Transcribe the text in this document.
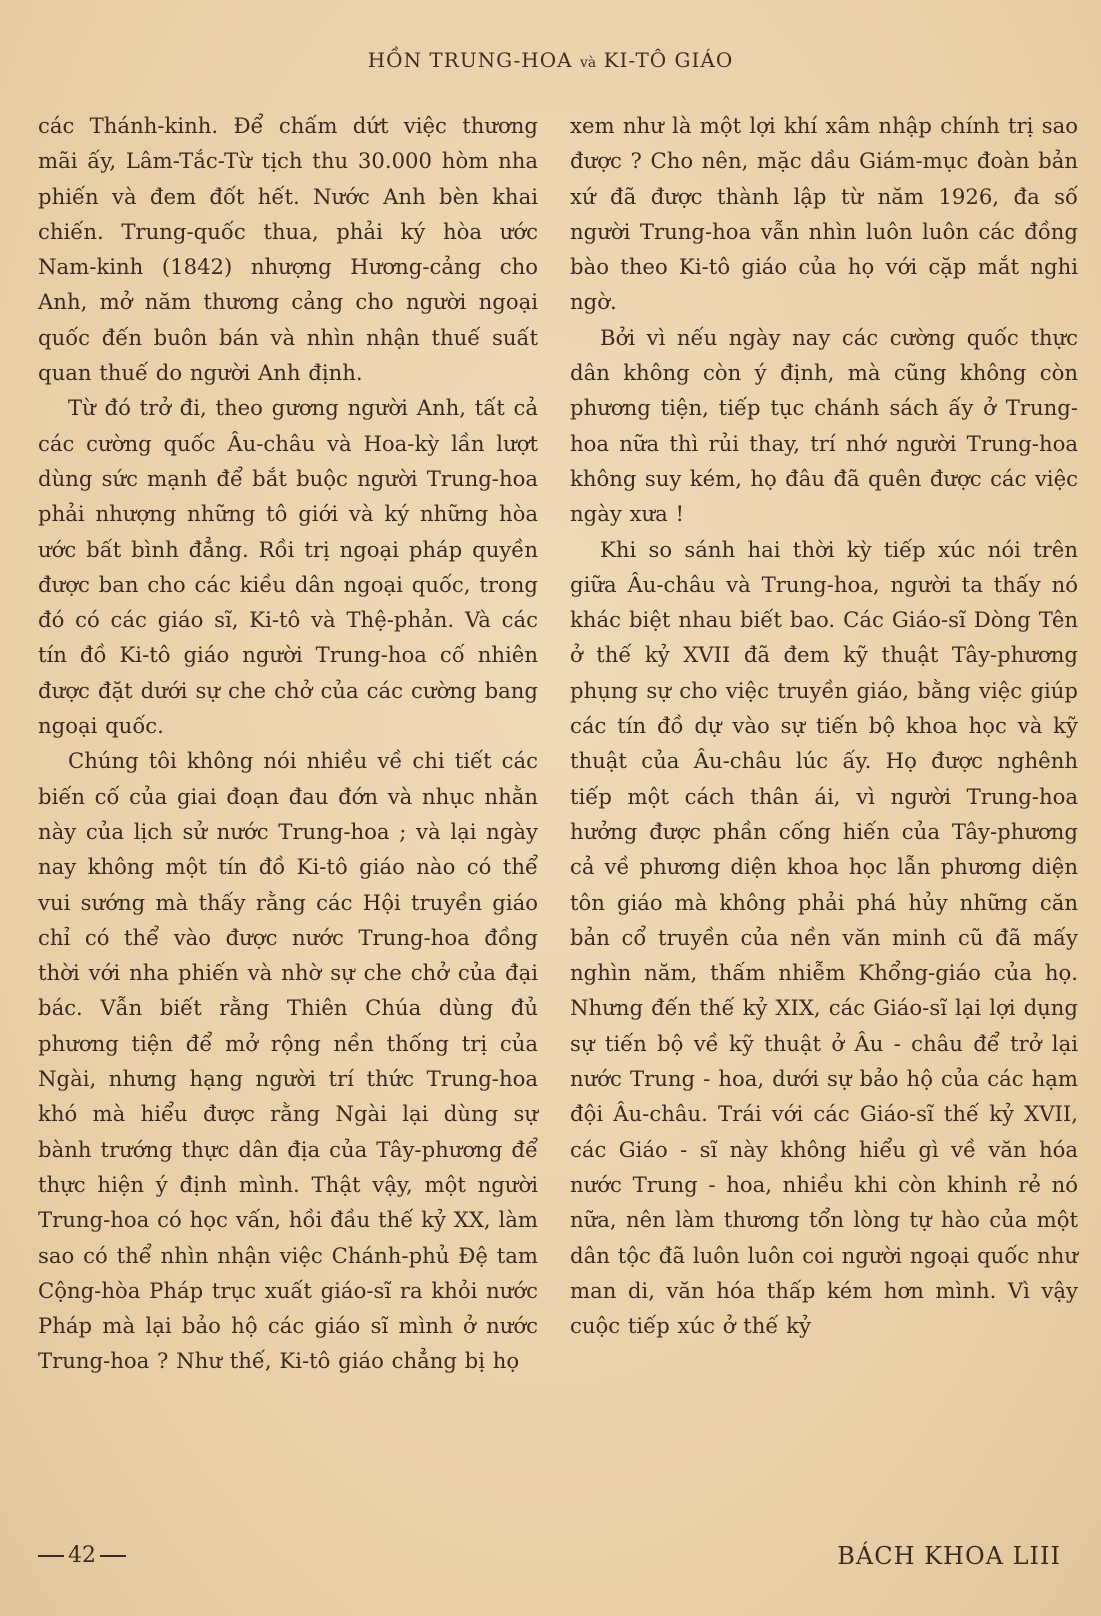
HỒN TRUNG-HOA và KI-TÔ GIÁO

các Thánh-kinh. Để chấm dứt việc thương mãi ấy, Lâm-Tắc-Từ tịch thu 30.000 hòm nha phiến và đem đốt hết. Nước Anh bèn khai chiến. Trung-quốc thua, phải ký hòa ước Nam-kinh (1842) nhượng Hương-cảng cho Anh, mở năm thương cảng cho người ngoại quốc đến buôn bán và nhìn nhận thuế suất quan thuế do người Anh định.

Từ đó trở đi, theo gương người Anh, tất cả các cường quốc Âu-châu và Hoa-kỳ lần lượt dùng sức mạnh để bắt buộc người Trung-hoa phải nhượng những tô giới và ký những hòa ước bất bình đẳng. Rồi trị ngoại pháp quyền được ban cho các kiều dân ngoại quốc, trong đó có các giáo sĩ, Ki-tô và Thệ-phản. Và các tín đồ Ki-tô giáo người Trung-hoa cố nhiên được đặt dưới sự che chở của các cường bang ngoại quốc.

Chúng tôi không nói nhiều về chi tiết các biến cố của giai đoạn đau đớn và nhục nhằn này của lịch sử nước Trung-hoa ; và lại ngày nay không một tín đồ Ki-tô giáo nào có thể vui sướng mà thấy rằng các Hội truyền giáo chỉ có thể vào được nước Trung-hoa đồng thời với nha phiến và nhờ sự che chở của đại bác. Vẫn biết rằng Thiên Chúa dùng đủ phương tiện để mở rộng nền thống trị của Ngài, nhưng hạng người trí thức Trung-hoa khó mà hiểu được rằng Ngài lại dùng sự bành trướng thực dân địa của Tây-phương để thực hiện ý định mình. Thật vậy, một người Trung-hoa có học vấn, hồi đầu thế kỷ XX, làm sao có thể nhìn nhận việc Chánh-phủ Đệ tam Cộng-hòa Pháp trục xuất giáo-sĩ ra khỏi nước Pháp mà lại bảo hộ các giáo sĩ mình ở nước Trung-hoa ? Như thế, Ki-tô giáo chẳng bị họ

xem như là một lợi khí xâm nhập chính trị sao được ? Cho nên, mặc dầu Giám-mục đoàn bản xứ đã được thành lập từ năm 1926, đa số người Trung-hoa vẫn nhìn luôn luôn các đồng bào theo Ki-tô giáo của họ với cặp mắt nghi ngờ.

Bởi vì nếu ngày nay các cường quốc thực dân không còn ý định, mà cũng không còn phương tiện, tiếp tục chánh sách ấy ở Trung-hoa nữa thì rủi thay, trí nhớ người Trung-hoa không suy kém, họ đâu đã quên được các việc ngày xưa !

Khi so sánh hai thời kỳ tiếp xúc nói trên giữa Âu-châu và Trung-hoa, người ta thấy nó khác biệt nhau biết bao. Các Giáo-sĩ Dòng Tên ở thế kỷ XVII đã đem kỹ thuật Tây-phương phụng sự cho việc truyền giáo, bằng việc giúp các tín đồ dự vào sự tiến bộ khoa học và kỹ thuật của Âu-châu lúc ấy. Họ được nghênh tiếp một cách thân ái, vì người Trung-hoa hưởng được phần cống hiến của Tây-phương cả về phương diện khoa học lẫn phương diện tôn giáo mà không phải phá hủy những căn bản cổ truyền của nền văn minh cũ đã mấy nghìn năm, thấm nhiễm Khổng-giáo của họ. Nhưng đến thế kỷ XIX, các Giáo-sĩ lại lợi dụng sự tiến bộ về kỹ thuật ở Âu - châu để trở lại nước Trung - hoa, dưới sự bảo hộ của các hạm đội Âu-châu. Trái với các Giáo-sĩ thế kỷ XVII, các Giáo - sĩ này không hiểu gì về văn hóa nước Trung - hoa, nhiều khi còn khinh rẻ nó nữa, nên làm thương tổn lòng tự hào của một dân tộc đã luôn luôn coi người ngoại quốc như man di, văn hóa thấp kém hơn mình. Vì vậy cuộc tiếp xúc ở thế kỷ

42	BÁCH KHOA LIII
